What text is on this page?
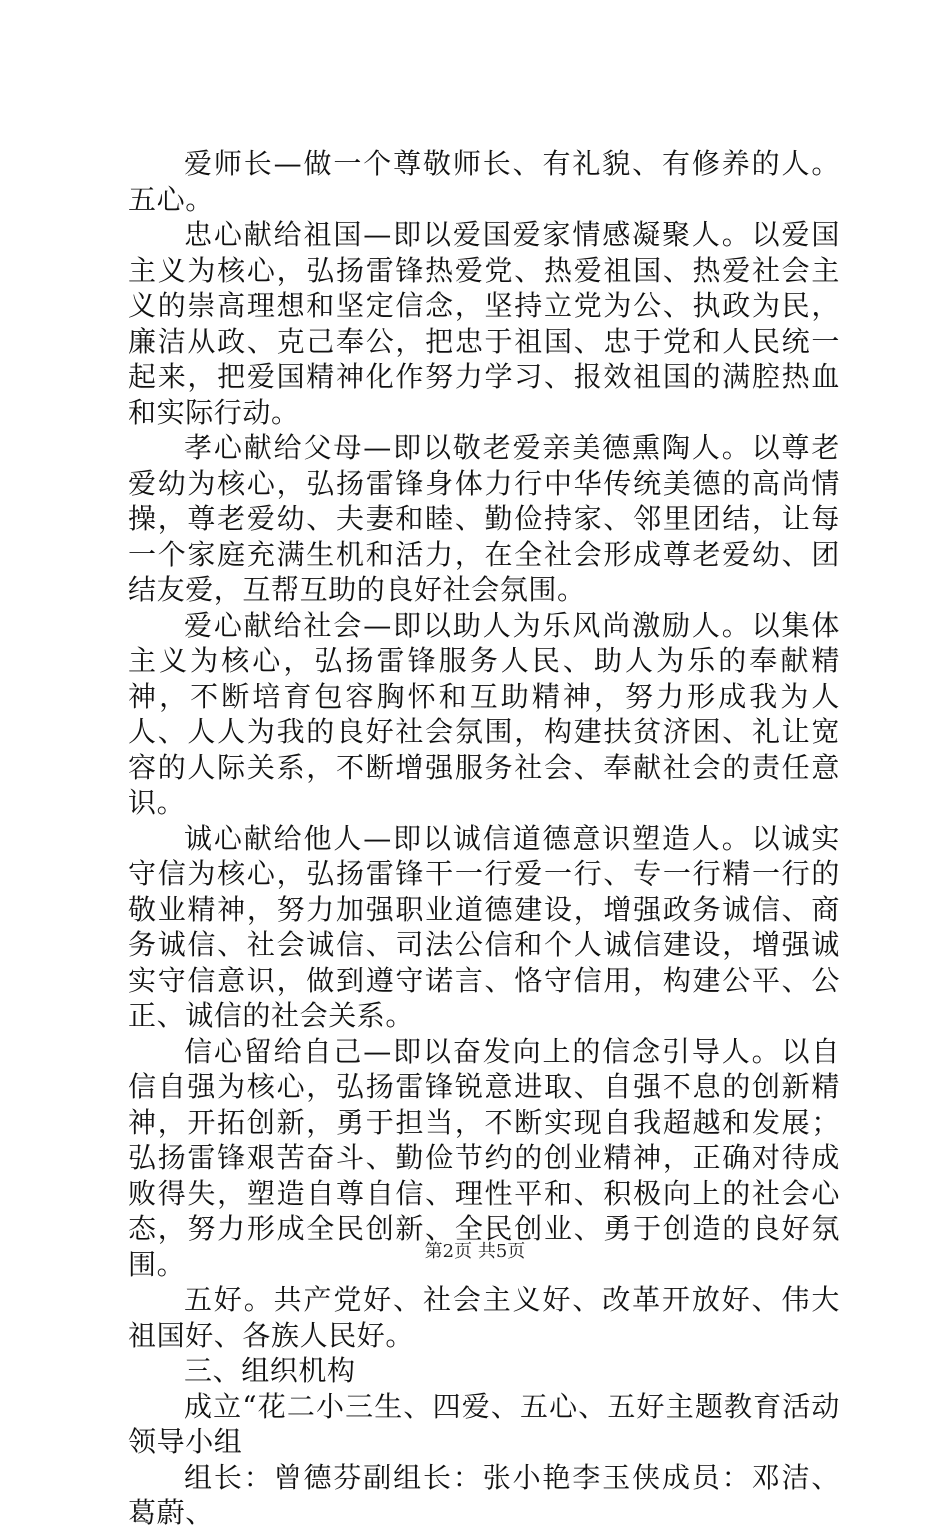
爱师长—做一个尊敬师长、有礼貌、有修养的人。五心。

忠心献给祖国—即以爱国爱家情感凝聚人。以爱国主义为核心，弘扬雷锋热爱党、热爱祖国、热爱社会主义的崇高理想和坚定信念，坚持立党为公、执政为民，廉洁从政、克己奉公，把忠于祖国、忠于党和人民统一起来，把爱国精神化作努力学习、报效祖国的满腔热血和实际行动。

孝心献给父母—即以敬老爱亲美德熏陶人。以尊老爱幼为核心，弘扬雷锋身体力行中华传统美德的高尚情操，尊老爱幼、夫妻和睦、勤俭持家、邻里团结，让每一个家庭充满生机和活力，在全社会形成尊老爱幼、团结友爱，互帮互助的良好社会氛围。

爱心献给社会—即以助人为乐风尚激励人。以集体主义为核心，弘扬雷锋服务人民、助人为乐的奉献精神，不断培育包容胸怀和互助精神，努力形成我为人人、人人为我的良好社会氛围，构建扶贫济困、礼让宽容的人际关系，不断增强服务社会、奉献社会的责任意识。

诚心献给他人—即以诚信道德意识塑造人。以诚实守信为核心，弘扬雷锋干一行爱一行、专一行精一行的敬业精神，努力加强职业道德建设，增强政务诚信、商务诚信、社会诚信、司法公信和个人诚信建设，增强诚实守信意识，做到遵守诺言、恪守信用，构建公平、公正、诚信的社会关系。

信心留给自己—即以奋发向上的信念引导人。以自信自强为核心，弘扬雷锋锐意进取、自强不息的创新精神，开拓创新，勇于担当，不断实现自我超越和发展；弘扬雷锋艰苦奋斗、勤俭节约的创业精神，正确对待成败得失，塑造自尊自信、理性平和、积极向上的社会心态，努力形成全民创新、全民创业、勇于创造的良好氛围。

五好。共产党好、社会主义好、改革开放好、伟大祖国好、各族人民好。

三、组织机构

成立“花二小三生、四爱、五心、五好主题教育活动领导小组

组长：曾德芬副组长：张小艳李玉侠成员：邓洁、葛蔚、

第2页 共5页
